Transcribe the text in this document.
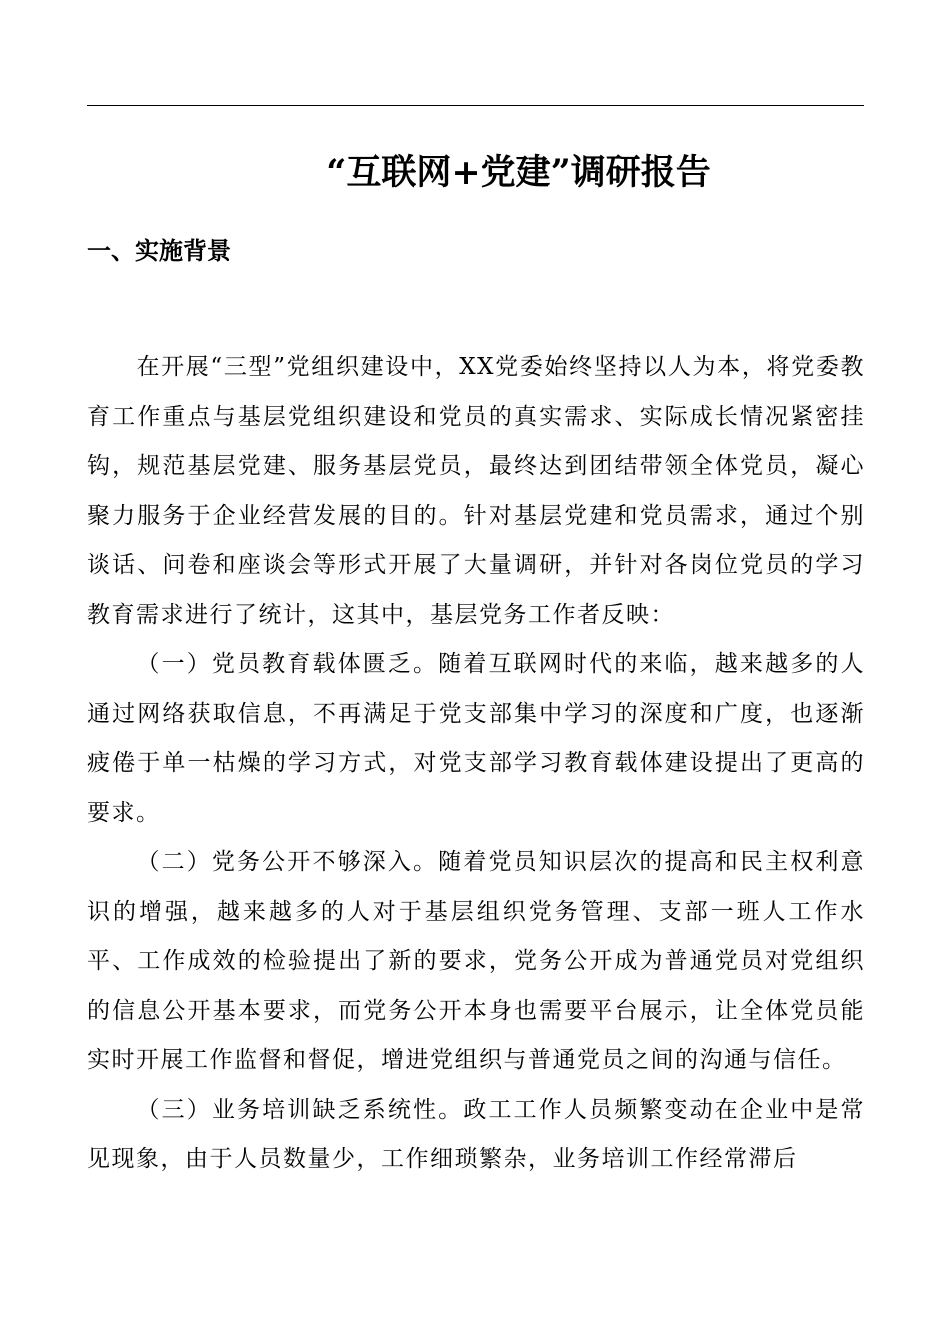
“互联网+党建”调研报告
一、实施背景

在开展“三型”党组织建设中，XX党委始终坚持以人为本，将党委教育工作重点与基层党组织建设和党员的真实需求、实际成长情况紧密挂钩，规范基层党建、服务基层党员，最终达到团结带领全体党员，凝心聚力服务于企业经营发展的目的。针对基层党建和党员需求，通过个别谈话、问卷和座谈会等形式开展了大量调研，并针对各岗位党员的学习教育需求进行了统计，这其中，基层党务工作者反映：

（一）党员教育载体匮乏。随着互联网时代的来临，越来越多的人通过网络获取信息，不再满足于党支部集中学习的深度和广度，也逐渐疲倦于单一枯燥的学习方式，对党支部学习教育载体建设提出了更高的要求。

（二）党务公开不够深入。随着党员知识层次的提高和民主权利意识的增强，越来越多的人对于基层组织党务管理、支部一班人工作水平、工作成效的检验提出了新的要求，党务公开成为普通党员对党组织的信息公开基本要求，而党务公开本身也需要平台展示，让全体党员能实时开展工作监督和督促，增进党组织与普通党员之间的沟通与信任。

（三）业务培训缺乏系统性。政工工作人员频繁变动在企业中是常见现象，由于人员数量少，工作细琐繁杂，业务培训工作经常滞后
